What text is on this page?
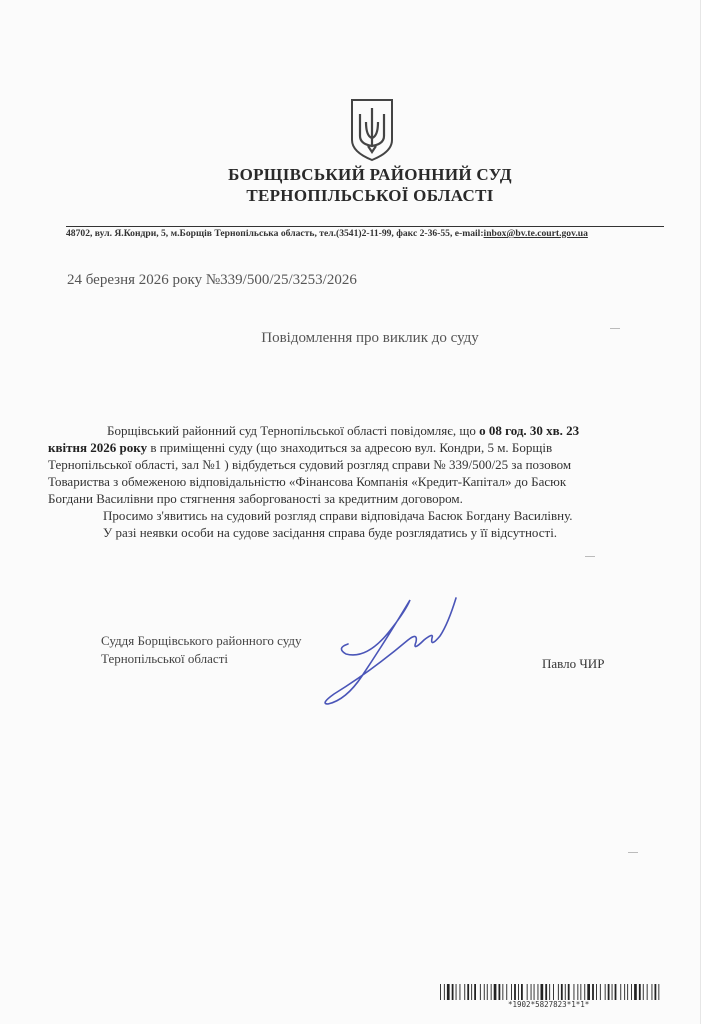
БОРЩІВСЬКИЙ РАЙОННИЙ СУД
ТЕРНОПІЛЬСЬКОЇ ОБЛАСТІ
48702, вул. Я.Кондри, 5, м.Борщів Тернопільська область, тел.(3541)2-11-99, факс 2-36-55, e-mail:inbox@bv.te.court.gov.ua
24 березня 2026 року №339/500/25/3253/2026
Повідомлення про виклик до суду
Борщівський районний суд Тернопільської області повідомляє, що о 08 год. 30 хв. 23
квітня 2026 року в приміщенні суду (що знаходиться за адресою вул. Кондри, 5 м. Борщів
Тернопільської області, зал №1 ) відбудеться судовий розгляд справи № 339/500/25 за позовом
Товариства з обмеженою відповідальністю «Фінансова Компанія «Кредит-Капітал» до Басюк
Богдани Василівни про стягнення заборгованості за кредитним договором.
Просимо з'явитись на судовий розгляд справи відповідача Басюк Богдану Василівну.
У разі неявки особи на судове засідання справа буде розглядатись у її відсутності.
Суддя Борщівського районного суду
Тернопільської області	Павло ЧИР
*1902*5827823*1*1*
